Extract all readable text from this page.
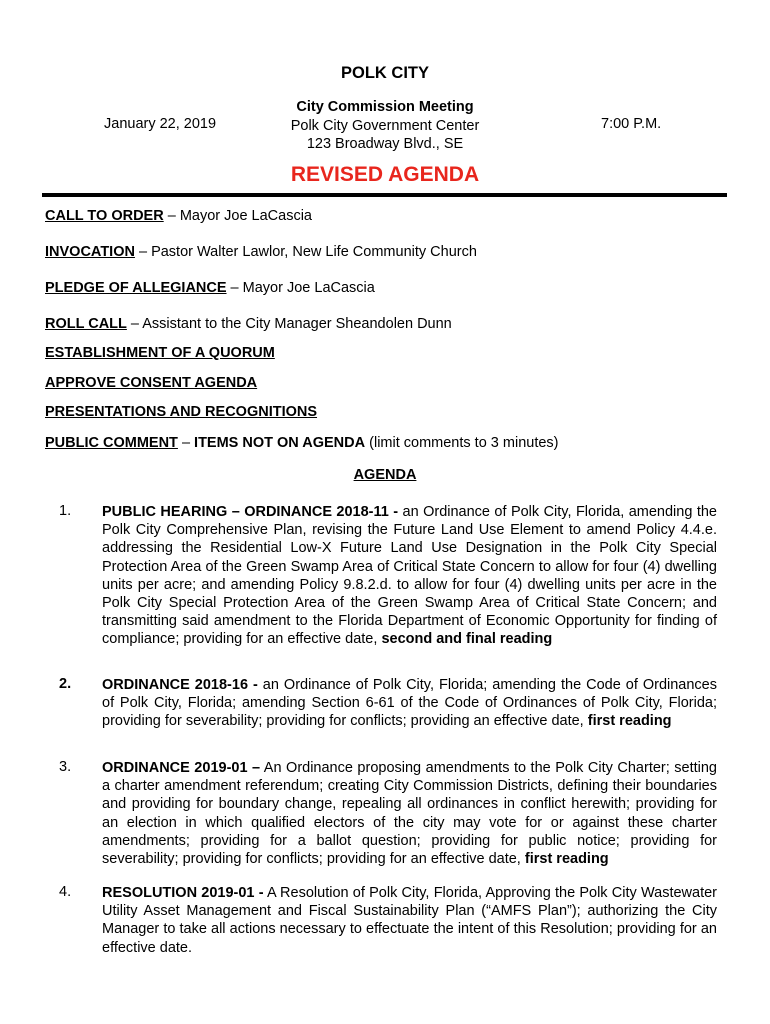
POLK CITY
January 22, 2019
City Commission Meeting
Polk City Government Center
123 Broadway Blvd., SE
7:00 P.M.
REVISED AGENDA
CALL TO ORDER – Mayor Joe LaCascia
INVOCATION – Pastor Walter Lawlor, New Life Community Church
PLEDGE OF ALLEGIANCE – Mayor Joe LaCascia
ROLL CALL – Assistant to the City Manager Sheandolen Dunn
ESTABLISHMENT OF A QUORUM
APPROVE CONSENT AGENDA
PRESENTATIONS AND RECOGNITIONS
PUBLIC COMMENT – ITEMS NOT ON AGENDA (limit comments to 3 minutes)
AGENDA
1. PUBLIC HEARING – ORDINANCE 2018-11 - an Ordinance of Polk City, Florida, amending the Polk City Comprehensive Plan, revising the Future Land Use Element to amend Policy 4.4.e. addressing the Residential Low-X Future Land Use Designation in the Polk City Special Protection Area of the Green Swamp Area of Critical State Concern to allow for four (4) dwelling units per acre; and amending Policy 9.8.2.d. to allow for four (4) dwelling units per acre in the Polk City Special Protection Area of the Green Swamp Area of Critical State Concern; and transmitting said amendment to the Florida Department of Economic Opportunity for finding of compliance; providing for an effective date, second and final reading
2. ORDINANCE 2018-16 - an Ordinance of Polk City, Florida; amending the Code of Ordinances of Polk City, Florida; amending Section 6-61 of the Code of Ordinances of Polk City, Florida; providing for severability; providing for conflicts; providing an effective date, first reading
3. ORDINANCE 2019-01 – An Ordinance proposing amendments to the Polk City Charter; setting a charter amendment referendum; creating City Commission Districts, defining their boundaries and providing for boundary change, repealing all ordinances in conflict herewith; providing for an election in which qualified electors of the city may vote for or against these charter amendments; providing for a ballot question; providing for public notice; providing for severability; providing for conflicts; providing for an effective date, first reading
4. RESOLUTION 2019-01 - A Resolution of Polk City, Florida, Approving the Polk City Wastewater Utility Asset Management and Fiscal Sustainability Plan (“AMFS Plan”); authorizing the City Manager to take all actions necessary to effectuate the intent of this Resolution; providing for an effective date.
